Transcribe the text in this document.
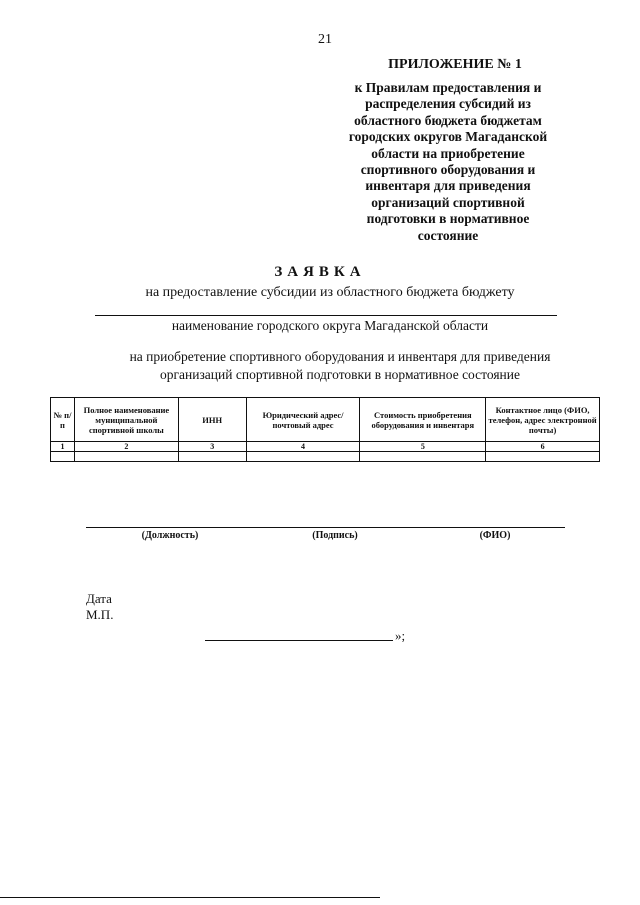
21
ПРИЛОЖЕНИЕ № 1
к Правилам предоставления и
распределения субсидий из
областного бюджета бюджетам
городских округов Магаданской
области на приобретение
спортивного оборудования и
инвентаря для приведения
организаций спортивной
подготовки в нормативное
состояние
ЗАЯВКА
на предоставление субсидии из областного бюджета бюджету
наименование городского округа Магаданской области
на приобретение спортивного оборудования и инвентаря для приведения
организаций спортивной подготовки в нормативное состояние
№ п/п	Полное наименование муниципальной спортивной школы	ИНН	Юридический адрес/ почтовый адрес	Стоимость приобретения оборудования и инвентаря	Контактное лицо (ФИО, телефон, адрес электронной почты)
1	2	3	4	5	6

(Должность)	(Подпись)	(ФИО)
Дата
М.П.
»;
